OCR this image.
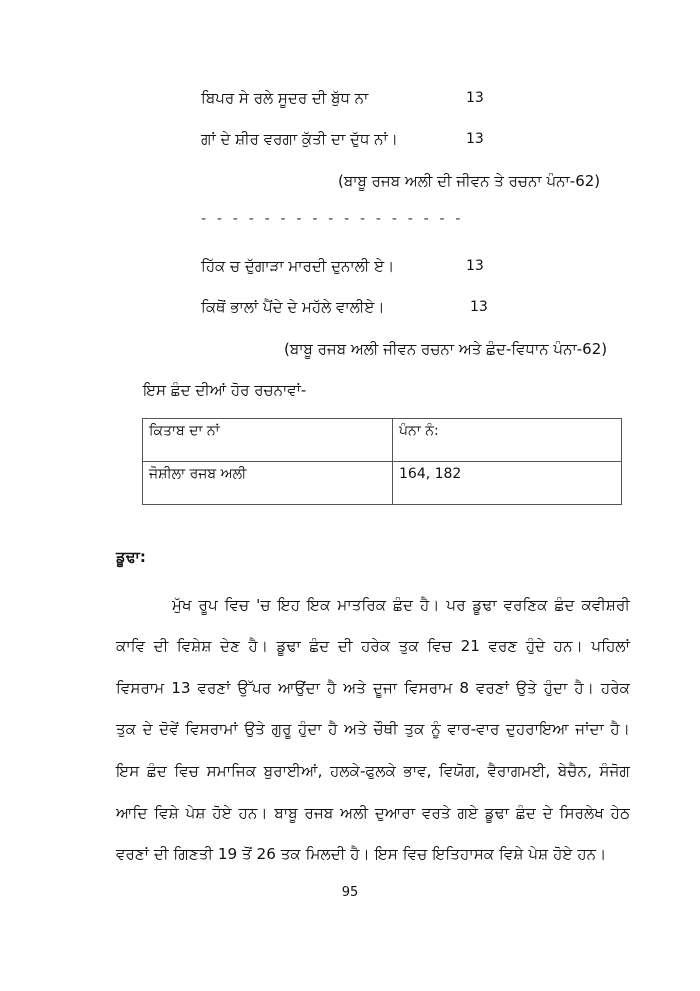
ਬਿਪਰ ਸੇ ਰਲੇ ਸੂਦਰ ਦੀ ਬੁੱਧ ਨਾ	13
ਗਾਂ ਦੇ ਸ਼ੀਰ ਵਰਗਾ ਕੁੱਤੀ ਦਾ ਦੁੱਧ ਨਾਂ।	13
(ਬਾਬੂ ਰਜਬ ਅਲੀ ਦੀ ਜੀਵਨ ਤੇ ਰਚਨਾ ਪੰਨਾ-62)
- - - - - - - - - - - - - - - - -
ਹਿੱਕ ਚ ਦੁੱਗਾੜਾ ਮਾਰਦੀ ਦੁਨਾਲੀ ਏ।	13
ਕਿਥੋਂ ਭਾਲਾਂ ਪੈਂਦੇ ਦੇ ਮਹੱਲੇ ਵਾਲੀਏ।	13
(ਬਾਬੂ ਰਜਬ ਅਲੀ ਜੀਵਨ ਰਚਨਾ ਅਤੇ ਛੰਦ-ਵਿਧਾਨ ਪੰਨਾ-62)
ਇਸ ਛੰਦ ਦੀਆਂ ਹੋਰ ਰਚਨਾਵਾਂ-
ਕਿਤਾਬ ਦਾ ਨਾਂ	ਪੰਨਾ ਨੰ:
ਜੋਸ਼ੀਲਾ ਰਜਬ ਅਲੀ	164, 182
ਡੂਢਾ:
ਮੁੱਖ ਰੂਪ ਵਿਚ 'ਚ ਇਹ ਇਕ ਮਾਤਰਿਕ ਛੰਦ ਹੈ। ਪਰ ਡੂਢਾ ਵਰਣਿਕ ਛੰਦ ਕਵੀਸ਼ਰੀ
ਕਾਵਿ ਦੀ ਵਿਸ਼ੇਸ਼ ਦੇਣ ਹੈ। ਡੂਢਾ ਛੰਦ ਦੀ ਹਰੇਕ ਤੁਕ ਵਿਚ 21 ਵਰਣ ਹੁੰਦੇ ਹਨ। ਪਹਿਲਾਂ
ਵਿਸਰਾਮ 13 ਵਰਣਾਂ ਉੱਪਰ ਆਉਂਦਾ ਹੈ ਅਤੇ ਦੂਜਾ ਵਿਸਰਾਮ 8 ਵਰਣਾਂ ਉਤੇ ਹੁੰਦਾ ਹੈ। ਹਰੇਕ
ਤੁਕ ਦੇ ਦੋਵੇਂ ਵਿਸਰਾਮਾਂ ਉਤੇ ਗੁਰੂ ਹੁੰਦਾ ਹੈ ਅਤੇ ਚੌਥੀ ਤੁਕ ਨੂੰ ਵਾਰ-ਵਾਰ ਦੁਹਰਾਇਆ ਜਾਂਦਾ ਹੈ।
ਇਸ ਛੰਦ ਵਿਚ ਸਮਾਜਿਕ ਬੁਰਾਈਆਂ, ਹਲਕੇ-ਫੁਲਕੇ ਭਾਵ, ਵਿਯੋਗ, ਵੈਰਾਗਮਈ, ਬੇਚੈਨ, ਸੰਜੋਗ
ਆਦਿ ਵਿਸ਼ੇ ਪੇਸ਼ ਹੋਏ ਹਨ। ਬਾਬੂ ਰਜਬ ਅਲੀ ਦੁਆਰਾ ਵਰਤੇ ਗਏ ਡੂਢਾ ਛੰਦ ਦੇ ਸਿਰਲੇਖ ਹੇਠ
ਵਰਣਾਂ ਦੀ ਗਿਣਤੀ 19 ਤੋਂ 26 ਤਕ ਮਿਲਦੀ ਹੈ। ਇਸ ਵਿਚ ਇਤਿਹਾਸਕ ਵਿਸ਼ੇ ਪੇਸ਼ ਹੋਏ ਹਨ।
95
